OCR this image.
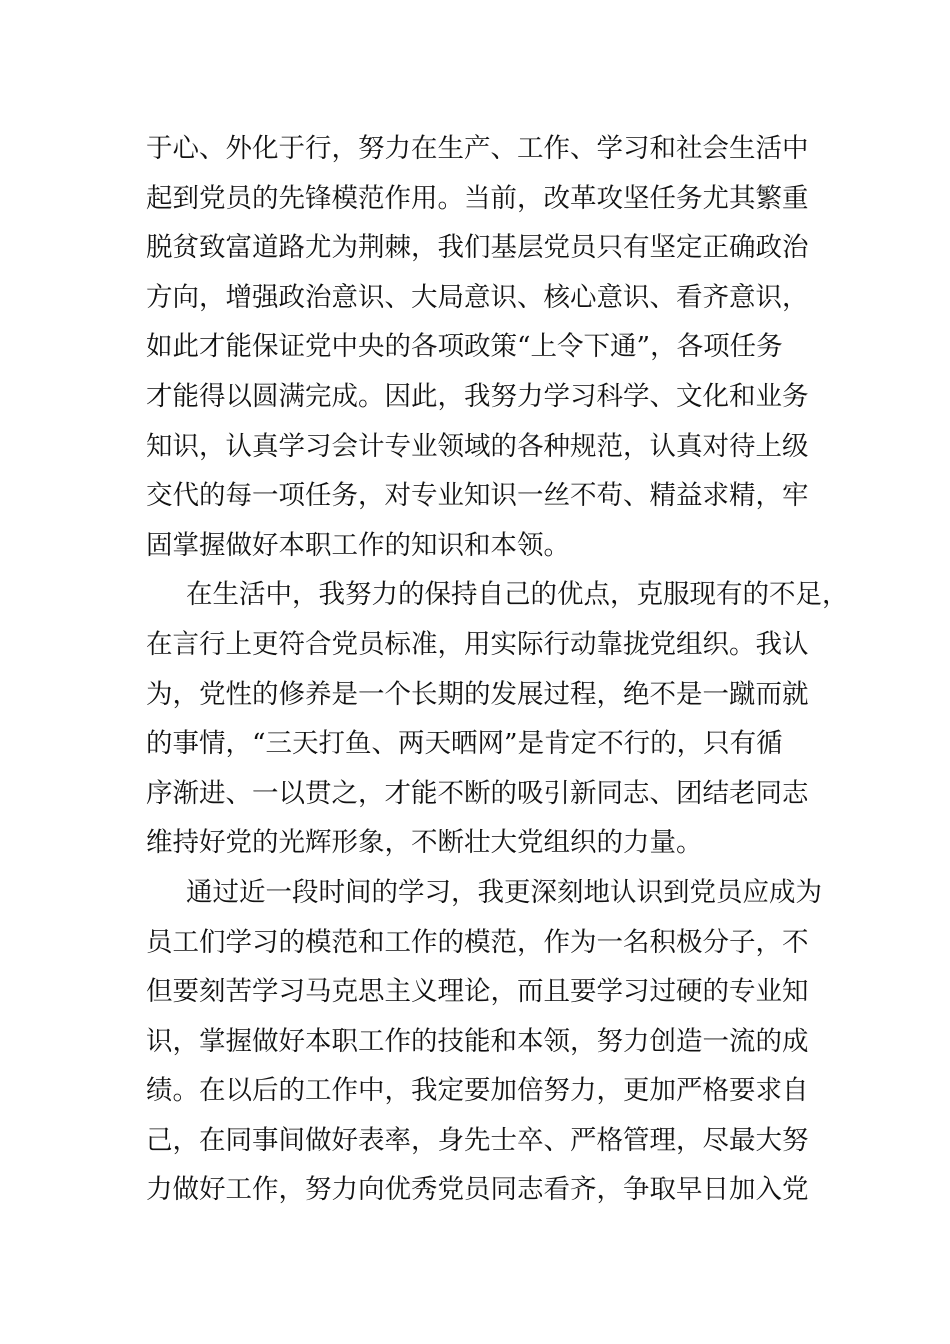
于心、外化于行，努力在生产、工作、学习和社会生活中
起到党员的先锋模范作用。当前，改革攻坚任务尤其繁重
脱贫致富道路尤为荆棘，我们基层党员只有坚定正确政治
方向，增强政治意识、大局意识、核心意识、看齐意识，
如此才能保证党中央的各项政策“上令下通”，各项任务
才能得以圆满完成。因此，我努力学习科学、文化和业务
知识，认真学习会计专业领域的各种规范，认真对待上级
交代的每一项任务，对专业知识一丝不苟、精益求精，牢
固掌握做好本职工作的知识和本领。
在生活中，我努力的保持自己的优点，克服现有的不足，
在言行上更符合党员标准，用实际行动靠拢党组织。我认
为，党性的修养是一个长期的发展过程，绝不是一蹴而就
的事情，“三天打鱼、两天晒网”是肯定不行的，只有循
序渐进、一以贯之，才能不断的吸引新同志、团结老同志
维持好党的光辉形象，不断壮大党组织的力量。
通过近一段时间的学习，我更深刻地认识到党员应成为
员工们学习的模范和工作的模范，作为一名积极分子，不
但要刻苦学习马克思主义理论，而且要学习过硬的专业知
识，掌握做好本职工作的技能和本领，努力创造一流的成
绩。在以后的工作中，我定要加倍努力，更加严格要求自
己，在同事间做好表率，身先士卒、严格管理，尽最大努
力做好工作，努力向优秀党员同志看齐，争取早日加入党
